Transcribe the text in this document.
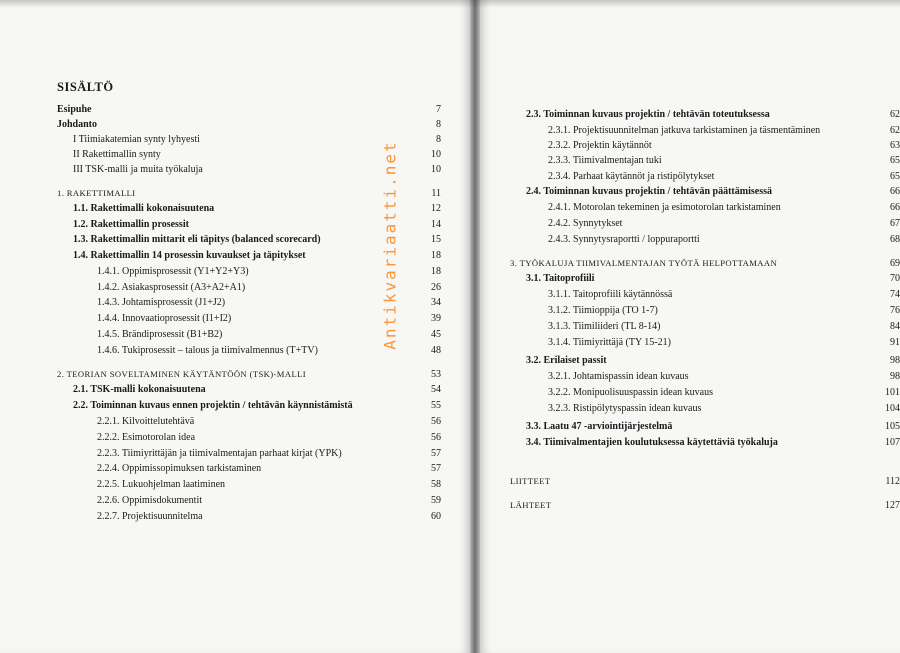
SISÄLTÖ
Antikvariaatti.net
Esipuhe	7
Johdanto	8
I Tiimiakatemian synty lyhyesti	8
II Rakettimallin synty	10
III TSK-malli ja muita työkaluja	10
1. RAKETTIMALLI	11
1.1. Rakettimalli kokonaisuutena	12
1.2. Rakettimallin prosessit	14
1.3. Rakettimallin mittarit eli täpitys (balanced scorecard)	15
1.4. Rakettimallin 14 prosessin kuvaukset ja täpitykset	18
1.4.1. Oppimisprosessit (Y1+Y2+Y3)	18
1.4.2. Asiakasprosessit (A3+A2+A1)	26
1.4.3. Johtamisprosessit (J1+J2)	34
1.4.4. Innovaatioprosessit (I1+I2)	39
1.4.5. Brändiprosessit (B1+B2)	45
1.4.6. Tukiprosessit – talous ja tiimivalmennus (T+TV)	48
2. TEORIAN SOVELTAMINEN KÄYTÄNTÖÖN (TSK)-MALLI	53
2.1. TSK-malli kokonaisuutena	54
2.2. Toiminnan kuvaus ennen projektin / tehtävän käynnistämistä	55
2.2.1. Kilvoittelutehtävä	56
2.2.2. Esimotorolan idea	56
2.2.3. Tiimiyrittäjän ja tiimivalmentajan parhaat kirjat (YPK)	57
2.2.4. Oppimissopimuksen tarkistaminen	57
2.2.5. Lukuohjelman laatiminen	58
2.2.6. Oppimisdokumentit	59
2.2.7. Projektisuunnitelma	60
2.3. Toiminnan kuvaus projektin / tehtävän toteutuksessa	62
2.3.1. Projektisuunnitelman jatkuva tarkistaminen ja täsmentäminen	62
2.3.2. Projektin käytännöt	63
2.3.3. Tiimivalmentajan tuki	65
2.3.4. Parhaat käytännöt ja ristipölytykset	65
2.4. Toiminnan kuvaus projektin / tehtävän päättämisessä	66
2.4.1. Motorolan tekeminen ja esimotorolan tarkistaminen	66
2.4.2. Synnytykset	67
2.4.3. Synnytysraportti / loppuraportti	68
3. TYÖKALUJA TIIMIVALMENTAJAN TYÖTÄ HELPOTTAMAAN	69
3.1. Taitoprofiili	70
3.1.1. Taitoprofiili käytännössä	74
3.1.2. Tiimioppija (TO 1-7)	76
3.1.3. Tiimiliideri (TL 8-14)	84
3.1.4. Tiimiyrittäjä (TY 15-21)	91
3.2. Erilaiset passit	98
3.2.1. Johtamispassin idean kuvaus	98
3.2.2. Monipuolisuuspassin idean kuvaus	101
3.2.3. Ristipölytyspassin idean kuvaus	104
3.3. Laatu 47 -arviointijärjestelmä	105
3.4. Tiimivalmentajien koulutuksessa käytettäviä työkaluja	107
LIITTEET	112
LÄHTEET	127
